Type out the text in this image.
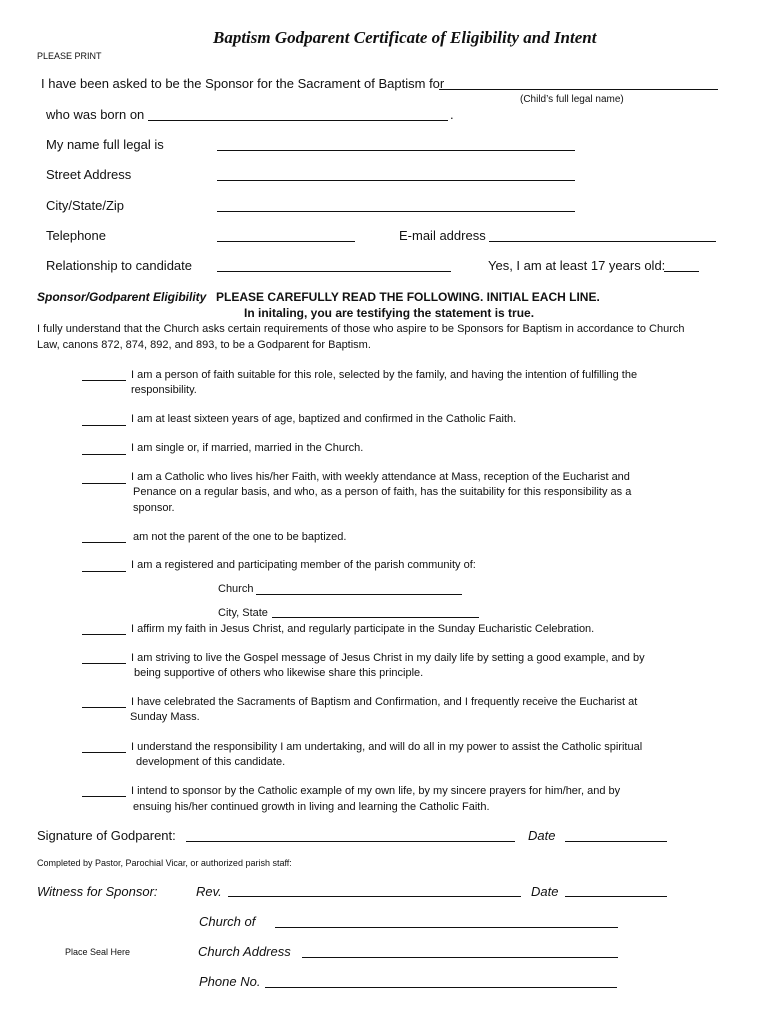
Baptism Godparent Certificate of Eligibility and Intent
PLEASE PRINT
I have been asked to be the Sponsor for the Sacrament of Baptism for
(Child’s full legal name)
who was born on	.
My name full legal is
Street Address
City/State/Zip
Telephone	E-mail address
Relationship to candidate	Yes, I am at least 17 years old:
Sponsor/Godparent Eligibility PLEASE CAREFULLY READ THE FOLLOWING. INITIAL EACH LINE.
In initaling, you are testifying the statement is true.
I fully understand that the Church asks certain requirements of those who aspire to be Sponsors for Baptism in accordance to Church
Law, canons 872, 874, 892, and 893, to be a Godparent for Baptism.
I am a person of faith suitable for this role, selected by the family, and having the intention of fulfilling the
responsibility.
I am at least sixteen years of age, baptized and confirmed in the Catholic Faith.
I am single or, if married, married in the Church.
I am a Catholic who lives his/her Faith, with weekly attendance at Mass, reception of the Eucharist and
Penance on a regular basis, and who, as a person of faith, has the suitability for this responsibility as a
sponsor.
am not the parent of the one to be baptized.
I am a registered and participating member of the parish community of:
Church
City, State
I affirm my faith in Jesus Christ, and regularly participate in the Sunday Eucharistic Celebration.
I am striving to live the Gospel message of Jesus Christ in my daily life by setting a good example, and by
being supportive of others who likewise share this principle.
I have celebrated the Sacraments of Baptism and Confirmation, and I frequently receive the Eucharist at
Sunday Mass.
I understand the responsibility I am undertaking, and will do all in my power to assist the Catholic spiritual
development of this candidate.
I intend to sponsor by the Catholic example of my own life, by my sincere prayers for him/her, and by
ensuing his/her continued growth in living and learning the Catholic Faith.
Signature of Godparent:	Date
Completed by Pastor, Parochial Vicar, or authorized parish staff:
Witness for Sponsor:	Rev.	Date
Church of
Place Seal Here	Church Address
Phone No.
